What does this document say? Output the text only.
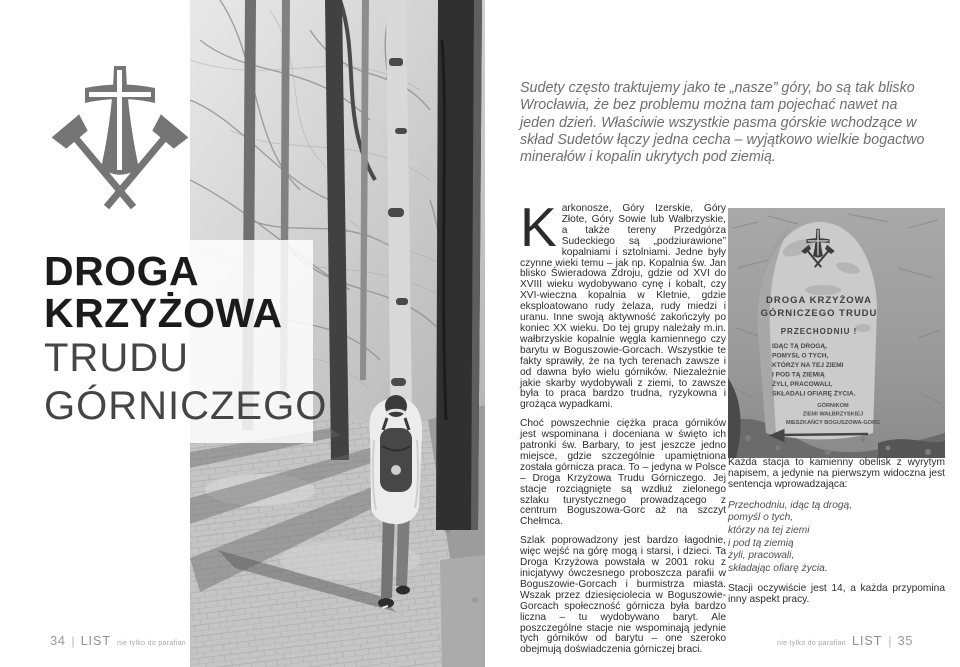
DROGA
KRZYŻOWA
TRUDU
GÓRNICZEGO
34 | LIST nie tylko do parafian

Sudety często traktujemy jako te „nasze” góry, bo są tak blisko Wrocławia, że bez problemu można tam pojechać nawet na jeden dzień. Właściwie wszystkie pasma górskie wchodzące w skład Sudetów łączy jedna cecha – wyjątkowo wielkie bogactwo minerałów i kopalin ukrytych pod ziemią.

Karkonosze, Góry Izerskie, Góry Złote, Góry Sowie lub Wałbrzyskie, a także tereny Przedgórza Sudeckiego są „podziurawione” kopalniami i sztolniami. Jedne były czynne wieki temu – jak np. Kopalnia św. Jan blisko Świeradowa Zdroju, gdzie od XVI do XVIII wieku wydobywano cynę i kobalt, czy XVI-wieczna kopalnia w Kletnie, gdzie eksploatowano rudy żelaza, rudy miedzi i uranu. Inne swoją aktywność zakończyły po koniec XX wieku. Do tej grupy należały m.in. wałbrzyskie kopalnie węgla kamiennego czy barytu w Boguszowie-Gorcach. Wszystkie te fakty sprawiły, że na tych terenach zawsze i od dawna było wielu górników. Niezależnie jakie skarby wydobywali z ziemi, to zawsze była to praca bardzo trudna, ryzykowna i grożąca wypadkami.

Choć powszechnie ciężka praca górników jest wspominana i doceniana w święto ich patronki św. Barbary, to jest jeszcze jedno miejsce, gdzie szczególnie upamiętniona została górnicza praca. To – jedyna w Polsce – Droga Krzyżowa Trudu Górniczego. Jej stacje rozciągnięte są wzdłuż zielonego szlaku turystycznego prowadzącego z centrum Boguszowa-Gorc aż na szczyt Chełmca.

Szlak poprowadzony jest bardzo łagodnie, więc wejść na górę mogą i starsi, i dzieci. Ta Droga Krzyżowa powstała w 2001 roku z inicjatywy ówczesnego proboszcza parafii w Boguszowie-Gorcach i burmistrza miasta. Wszak przez dziesięciolecia w Boguszowie-Gorcach społeczność górnicza była bardzo liczna – tu wydobywano baryt. Ale poszczególne stacje nie wspominają jedynie tych górników od barytu – one szeroko obejmują doświadczenia górniczej braci.

DROGA KRZYŻOWA
GÓRNICZEGO TRUDU
PRZECHODNIU !
IDĄC TĄ DROGĄ,
POMYŚL O TYCH,
KTÓRZY NA TEJ ZIEMI
I POD TĄ ZIEMIĄ
ŻYLI, PRACOWALI,
SKŁADALI OFIARĘ ŻYCIA.
GÓRNIKOM
ZIEMI WAŁBRZYSKIEJ
MIESZKAŃCY BOGUSZOWA-GORC

Każda stacja to kamienny obelisk z wyrytym napisem, a jedynie na pierwszym widoczna jest sentencja wprowadzająca:

Przechodniu, idąc tą drogą,
pomyśl o tych,
którzy na tej ziemi
i pod tą ziemią
żyli, pracowali,
składając ofiarę życia.

Stacji oczywiście jest 14, a każda przypomina inny aspekt pracy.

nie tylko do parafian LIST | 35
